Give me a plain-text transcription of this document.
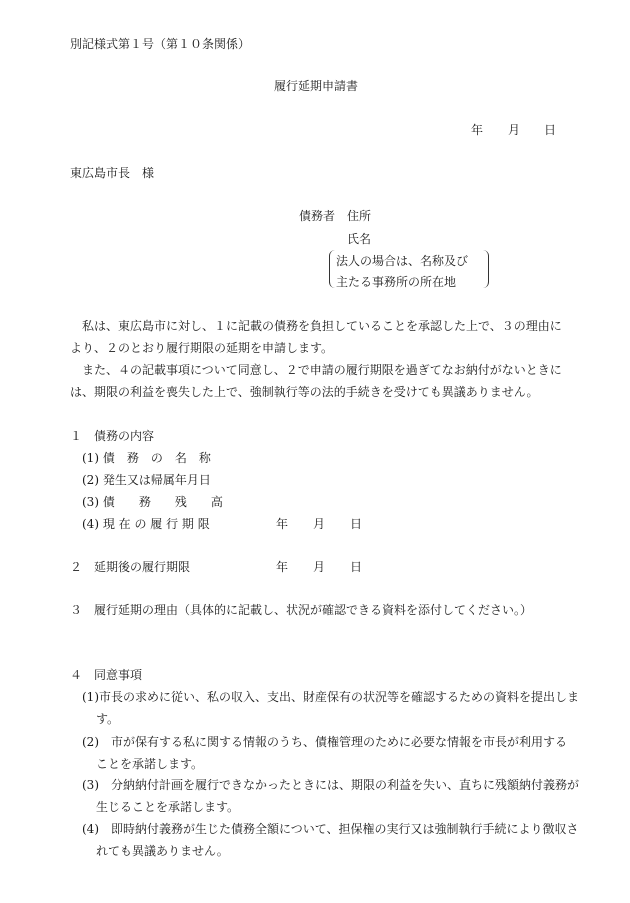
別記様式第１号（第１０条関係）
履行延期申請書
年 月 日
東広島市長　様
債務者 住所
氏名
法人の場合は、名称及び
主たる事務所の所在地
　私は、東広島市に対し、１に記載の債務を負担していることを承認した上で、３の理由に
より、２のとおり履行期限の延期を申請します。
　また、４の記載事項について同意し、２で申請の履行期限を過ぎてなお納付がないときに
は、期限の利益を喪失した上で、強制執行等の法的手続きを受けても異議ありません。
１　債務の内容
(1) 債　務　の　名　称
(2) 発生又は帰属年月日
(3) 債　　務　　残　　高
(4) 現 在 の 履 行 期 限	年 月 日
２　延期後の履行期限	年 月 日
３　履行延期の理由（具体的に記載し、状況が確認できる資料を添付してください。）
４　同意事項
(1)市長の求めに従い、私の収入、支出、財産保有の状況等を確認するための資料を提出しま
す。
(2)　市が保有する私に関する情報のうち、債権管理のために必要な情報を市長が利用する
ことを承諾します。
(3)　分納納付計画を履行できなかったときには、期限の利益を失い、直ちに残額納付義務が
生じることを承諾します。
(4)　即時納付義務が生じた債務全額について、担保権の実行又は強制執行手続により徴収さ
れても異議ありません。
